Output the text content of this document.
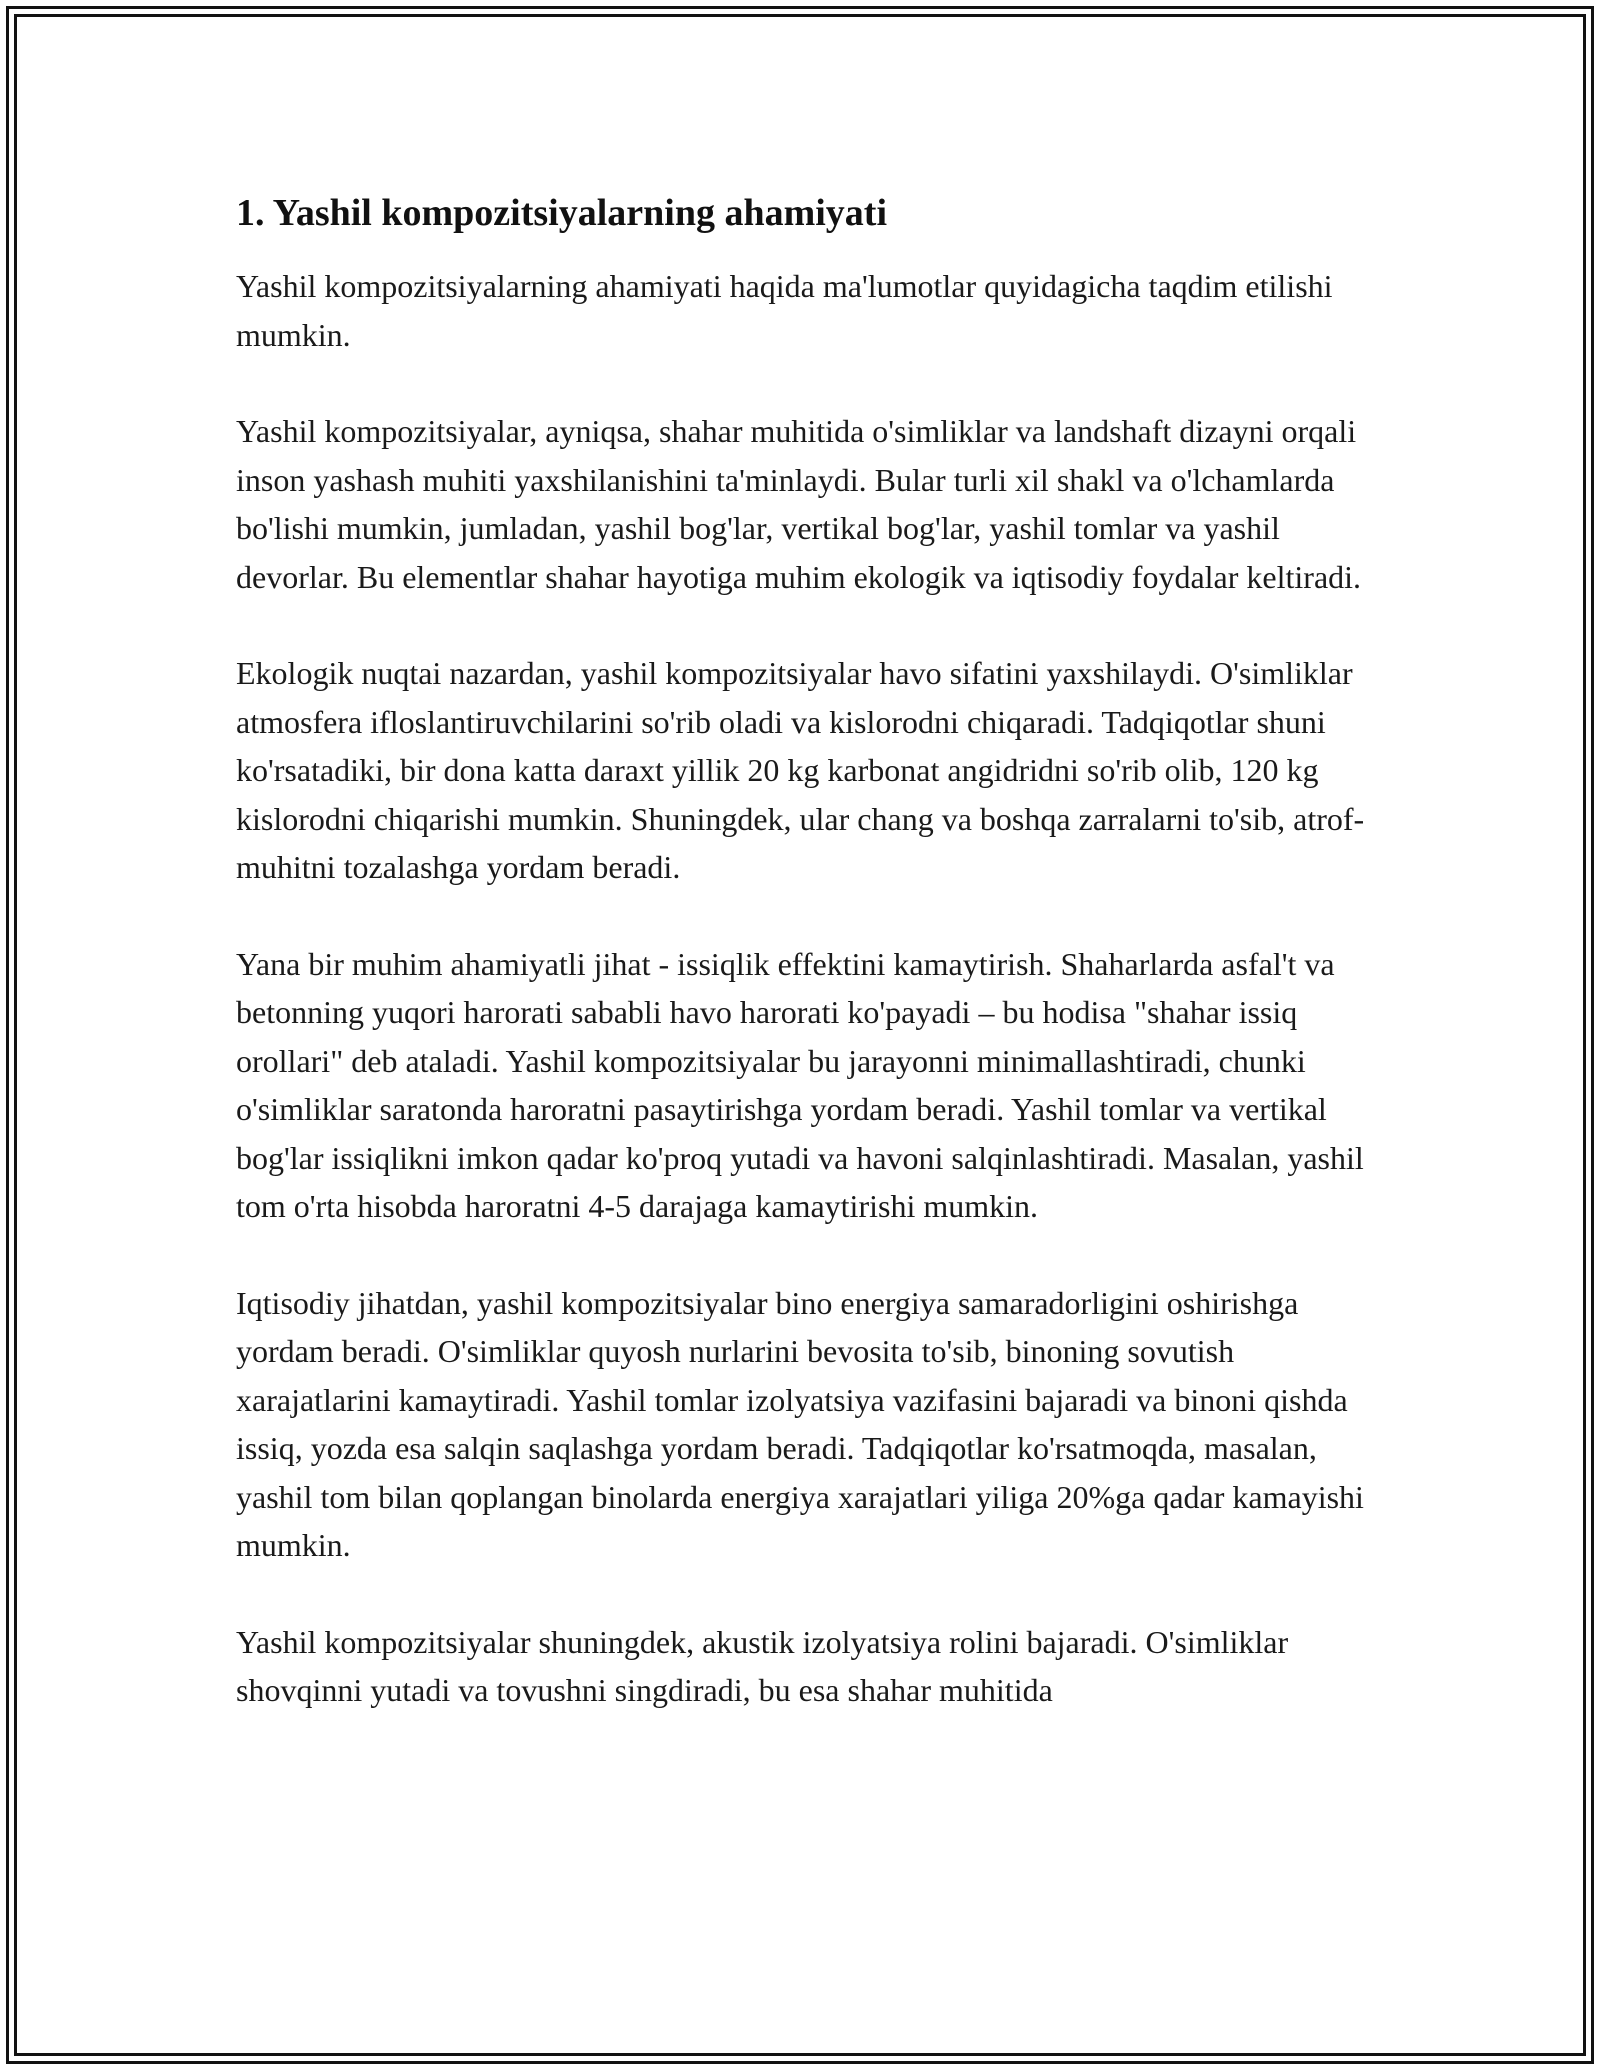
1. Yashil kompozitsiyalarning ahamiyati

Yashil kompozitsiyalarning ahamiyati haqida ma'lumotlar quyidagicha taqdim etilishi mumkin.

Yashil kompozitsiyalar, ayniqsa, shahar muhitida o'simliklar va landshaft dizayni orqali inson yashash muhiti yaxshilanishini ta'minlaydi. Bular turli xil shakl va o'lchamlarda bo'lishi mumkin, jumladan, yashil bog'lar, vertikal bog'lar, yashil tomlar va yashil devorlar. Bu elementlar shahar hayotiga muhim ekologik va iqtisodiy foydalar keltiradi.

Ekologik nuqtai nazardan, yashil kompozitsiyalar havo sifatini yaxshilaydi. O'simliklar atmosfera ifloslantiruvchilarini so'rib oladi va kislorodni chiqaradi. Tadqiqotlar shuni ko'rsatadiki, bir dona katta daraxt yillik 20 kg karbonat angidridni so'rib olib, 120 kg kislorodni chiqarishi mumkin. Shuningdek, ular chang va boshqa zarralarni to'sib, atrof-muhitni tozalashga yordam beradi.

Yana bir muhim ahamiyatli jihat - issiqlik effektini kamaytirish. Shaharlarda asfal't va betonning yuqori harorati sababli havo harorati ko'payadi – bu hodisa "shahar issiq orollari" deb ataladi. Yashil kompozitsiyalar bu jarayonni minimallashtiradi, chunki o'simliklar saratonda haroratni pasaytirishga yordam beradi. Yashil tomlar va vertikal bog'lar issiqlikni imkon qadar ko'proq yutadi va havoni salqinlashtiradi. Masalan, yashil tom o'rta hisobda haroratni 4-5 darajaga kamaytirishi mumkin.

Iqtisodiy jihatdan, yashil kompozitsiyalar bino energiya samaradorligini oshirishga yordam beradi. O'simliklar quyosh nurlarini bevosita to'sib, binoning sovutish xarajatlarini kamaytiradi. Yashil tomlar izolyatsiya vazifasini bajaradi va binoni qishda issiq, yozda esa salqin saqlashga yordam beradi. Tadqiqotlar ko'rsatmoqda, masalan, yashil tom bilan qoplangan binolarda energiya xarajatlari yiliga 20%ga qadar kamayishi mumkin.

Yashil kompozitsiyalar shuningdek, akustik izolyatsiya rolini bajaradi. O'simliklar shovqinni yutadi va tovushni singdiradi, bu esa shahar muhitida
